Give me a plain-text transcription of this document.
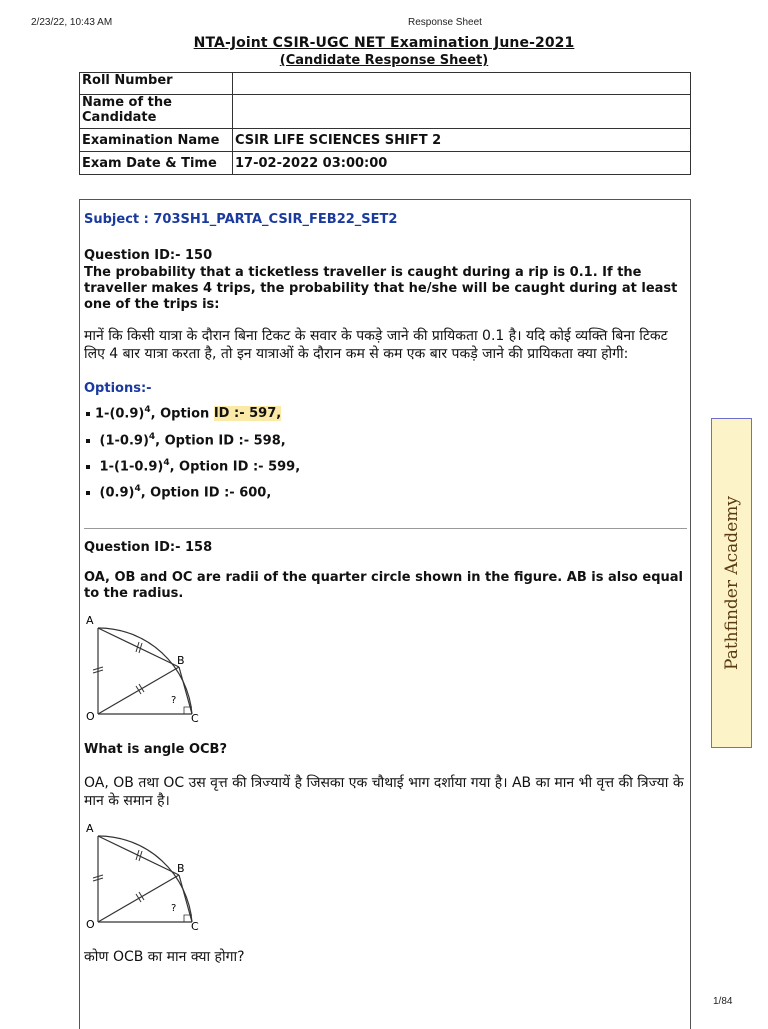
2/23/22, 10:43 AM	Response Sheet
NTA-Joint CSIR-UGC NET Examination June-2021
(Candidate Response Sheet)
Roll Number	
Name of the Candidate	
Examination Name	CSIR LIFE SCIENCES SHIFT 2
Exam Date & Time	17-02-2022 03:00:00
Subject : 703SH1_PARTA_CSIR_FEB22_SET2
Question ID:- 150
The probability that a ticketless traveller is caught during a rip is 0.1. If the traveller makes 4 trips, the probability that he/she will be caught during at least one of the trips is:
मानें कि किसी यात्रा के दौरान बिना टिकट के सवार के पकड़े जाने की प्रायिकता 0.1 है। यदि कोई व्यक्ति बिना टिकट लिए 4 बार यात्रा करता है, तो इन यात्राओं के दौरान कम से कम एक बार पकड़े जाने की प्रायिकता क्या होगी:
Options:-
$1-(0.9)^4$, Option ID :- 597,
$(1-0.9)^4$, Option ID :- 598,
$1-(1-0.9)^4$, Option ID :- 599,
$(0.9)^4$, Option ID :- 600,
Question ID:- 158
OA, OB and OC are radii of the quarter circle shown in the figure. AB is also equal to the radius.
A
B
O	C
?
What is angle OCB?
OA, OB तथा OC उस वृत्त की त्रिज्यायें है जिसका एक चौथाई भाग दर्शाया गया है। AB का मान भी वृत्त की त्रिज्या के मान के समान है।
A
B
O	C
?
कोण OCB का मान क्या होगा?
Pathfinder Academy
1/84
